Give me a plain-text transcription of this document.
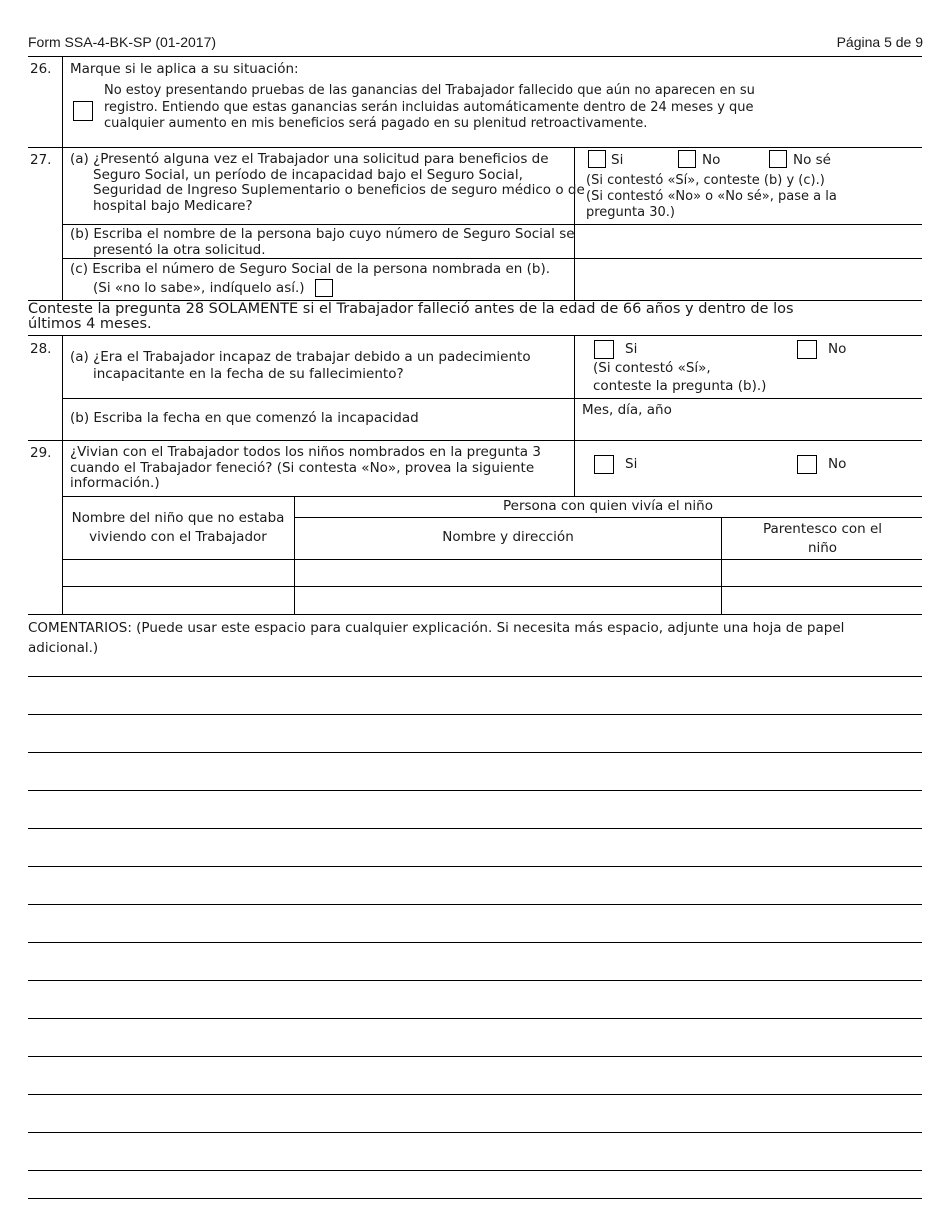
Form SSA-4-BK-SP (01-2017)	Página 5 de 9
26. Marque si le aplica a su situación:
No estoy presentando pruebas de las ganancias del Trabajador fallecido que aún no aparecen en su registro. Entiendo que estas ganancias serán incluidas automáticamente dentro de 24 meses y que cualquier aumento en mis beneficios será pagado en su plenitud retroactivamente.
27. (a) ¿Presentó alguna vez el Trabajador una solicitud para beneficios de Seguro Social, un período de incapacidad bajo el Seguro Social, Seguridad de Ingreso Suplementario o beneficios de seguro médico o de hospital bajo Medicare?
Si	No	No sé
(Si contestó «Sí», conteste (b) y (c).)
(Si contestó «No» o «No sé», pase a la pregunta 30.)
(b) Escriba el nombre de la persona bajo cuyo número de Seguro Social se presentó la otra solicitud.
(c) Escriba el número de Seguro Social de la persona nombrada en (b).
(Si «no lo sabe», indíquelo así.)
Conteste la pregunta 28 SOLAMENTE si el Trabajador falleció antes de la edad de 66 años y dentro de los últimos 4 meses.
28. (a) ¿Era el Trabajador incapaz de trabajar debido a un padecimiento incapacitante en la fecha de su fallecimiento?
Si	No
(Si contestó «Sí», conteste la pregunta (b).)
(b) Escriba la fecha en que comenzó la incapacidad	Mes, día, año
29. ¿Vivian con el Trabajador todos los niños nombrados en la pregunta 3 cuando el Trabajador feneció? (Si contesta «No», provea la siguiente información.)
Si	No
Nombre del niño que no estaba viviendo con el Trabajador
Persona con quien vivía el niño
Nombre y dirección	Parentesco con el niño
COMENTARIOS: (Puede usar este espacio para cualquier explicación. Si necesita más espacio, adjunte una hoja de papel adicional.)
